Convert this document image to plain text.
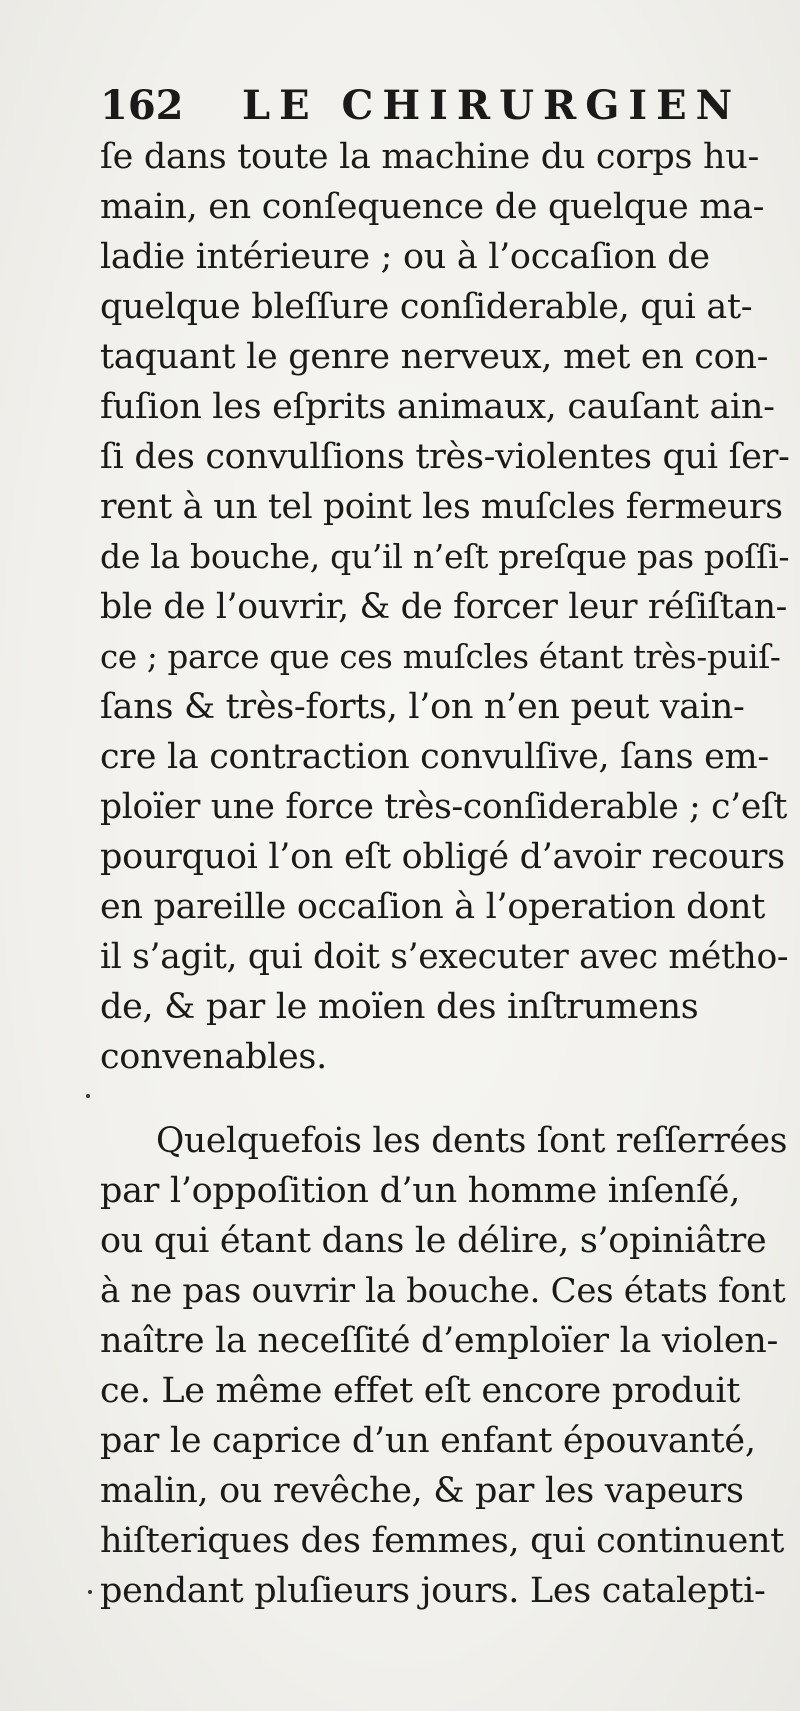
162 LE CHIRURGIEN
ſe dans toute la machine du corps hu-
main, en conſequence de quelque ma-
ladie intérieure ; ou à l’occaſion de
quelque bleſſure conſiderable, qui at-
taquant le genre nerveux, met en con-
fuſion les eſprits animaux, cauſant ain-
ſi des convulſions très-violentes qui ſer-
rent à un tel point les muſcles fermeurs
de la bouche, qu’il n’eſt preſque pas poſſi-
ble de l’ouvrir, & de forcer leur réſiſtan-
ce ; parce que ces muſcles étant très-puiſ-
ſans & très-forts, l’on n’en peut vain-
cre la contraction convulſive, ſans em-
ploïer une force très-conſiderable ; c’eſt
pourquoi l’on eſt obligé d’avoir recours
en pareille occaſion à l’operation dont
il s’agit, qui doit s’executer avec métho-
de, & par le moïen des inſtrumens
convenables.
Quelquefois les dents ſont reſſerrées
par l’oppoſition d’un homme inſenſé,
ou qui étant dans le délire, s’opiniâtre
à ne pas ouvrir la bouche. Ces états font
naître la neceſſité d’emploïer la violen-
ce. Le même effet eſt encore produit
par le caprice d’un enfant épouvanté,
malin, ou revêche, & par les vapeurs
hiſteriques des femmes, qui continuent
pendant pluſieurs jours. Les catalepti-
